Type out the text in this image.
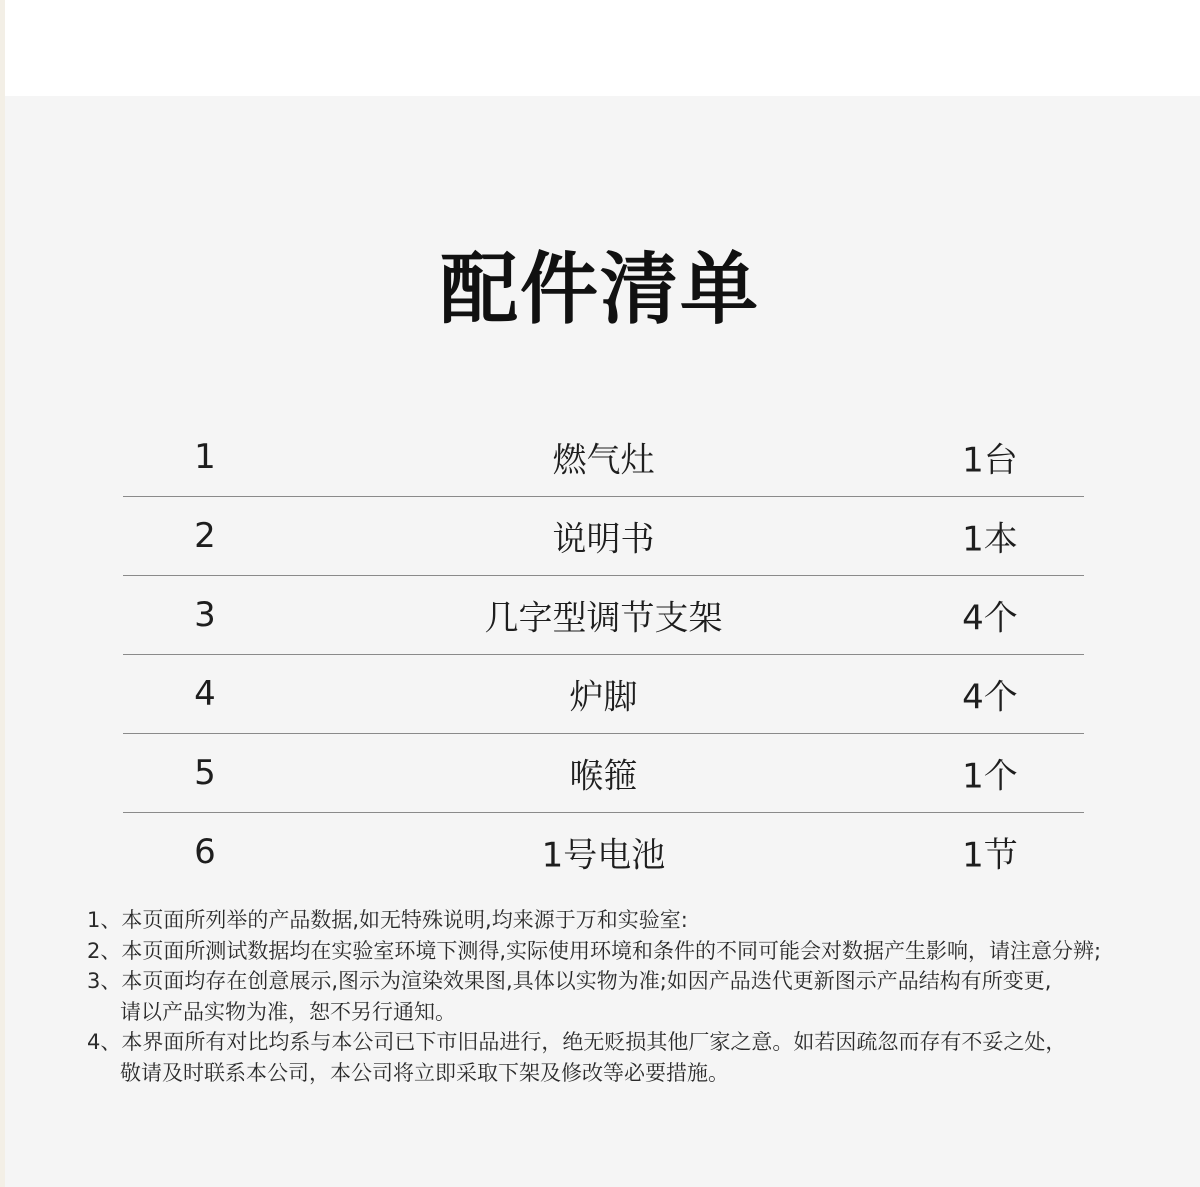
配件清单
1	燃气灶	1台
2	说明书	1本
3	几字型调节支架	4个
4	炉脚	4个
5	喉箍	1个
6	1号电池	1节
1、本页面所列举的产品数据,如无特殊说明,均来源于万和实验室:
2、本页面所测试数据均在实验室环境下测得,实际使用环境和条件的不同可能会对数据产生影响，请注意分辨;
3、本页面均存在创意展示,图示为渲染效果图,具体以实物为准;如因产品迭代更新图示产品结构有所变更,
请以产品实物为准，恕不另行通知。
4、本界面所有对比均系与本公司已下市旧品进行，绝无贬损其他厂家之意。如若因疏忽而存有不妥之处，
敬请及时联系本公司，本公司将立即采取下架及修改等必要措施。
